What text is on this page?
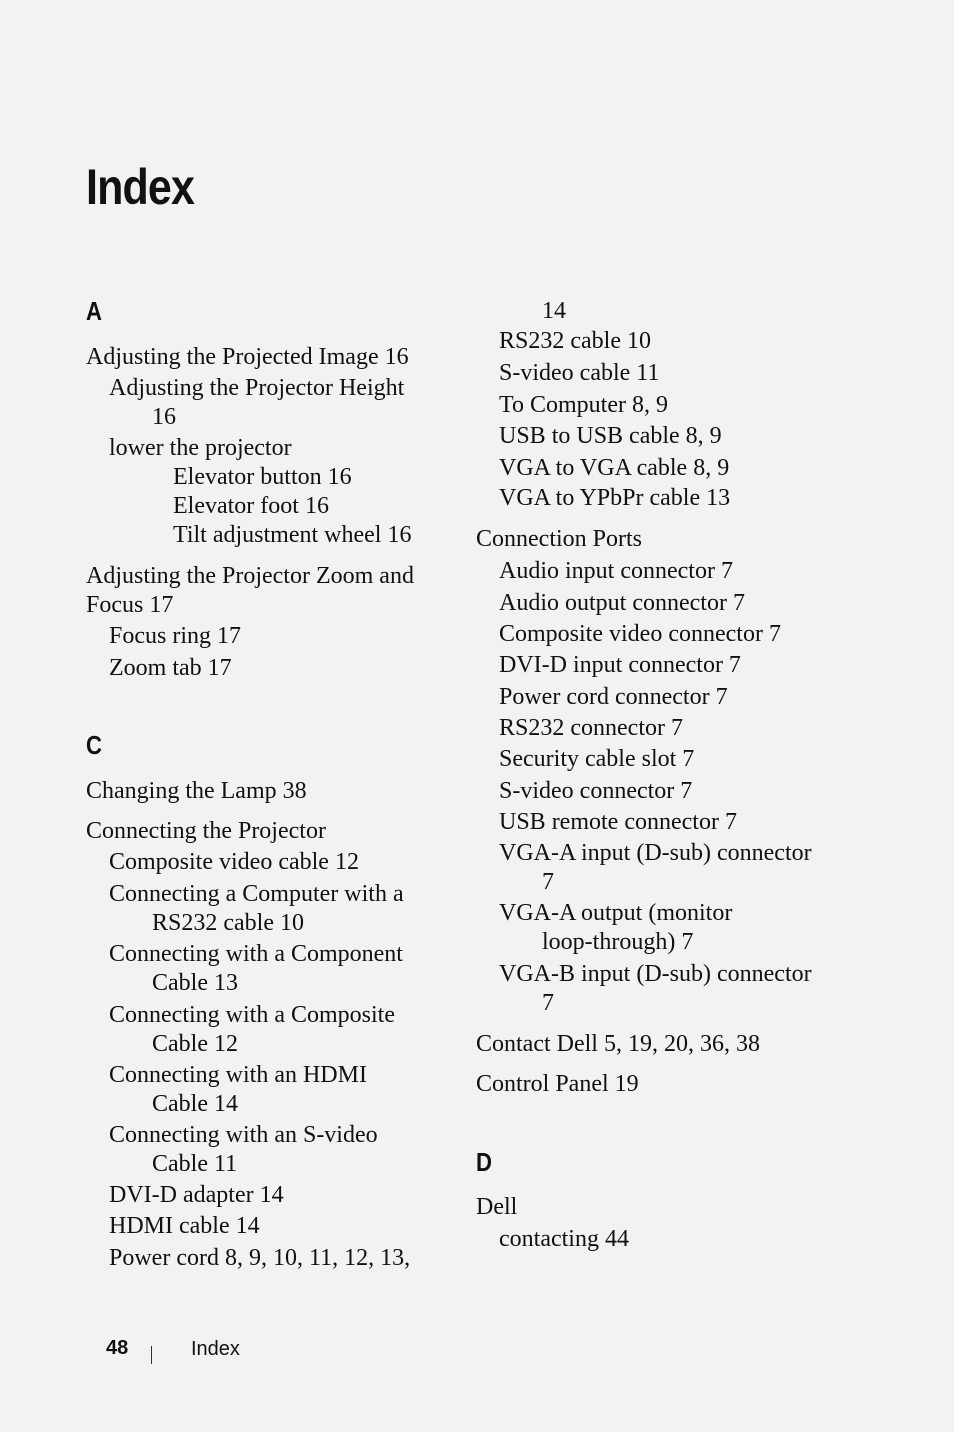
Index
A
Adjusting the Projected Image 16
Adjusting the Projector Height
16
lower the projector
Elevator button 16
Elevator foot 16
Tilt adjustment wheel 16
Adjusting the Projector Zoom and
Focus 17
Focus ring 17
Zoom tab 17
C
Changing the Lamp 38
Connecting the Projector
Composite video cable 12
Connecting a Computer with a
RS232 cable 10
Connecting with a Component
Cable 13
Connecting with a Composite
Cable 12
Connecting with an HDMI
Cable 14
Connecting with an S-video
Cable 11
DVI-D adapter 14
HDMI cable 14
Power cord 8, 9, 10, 11, 12, 13,
14
RS232 cable 10
S-video cable 11
To Computer 8, 9
USB to USB cable 8, 9
VGA to VGA cable 8, 9
VGA to YPbPr cable 13
Connection Ports
Audio input connector 7
Audio output connector 7
Composite video connector 7
DVI-D input connector 7
Power cord connector 7
RS232 connector 7
Security cable slot 7
S-video connector 7
USB remote connector 7
VGA-A input (D-sub) connector
7
VGA-A output (monitor
loop-through) 7
VGA-B input (D-sub) connector
7
Contact Dell 5, 19, 20, 36, 38
Control Panel 19
D
Dell
contacting 44
48	Index
